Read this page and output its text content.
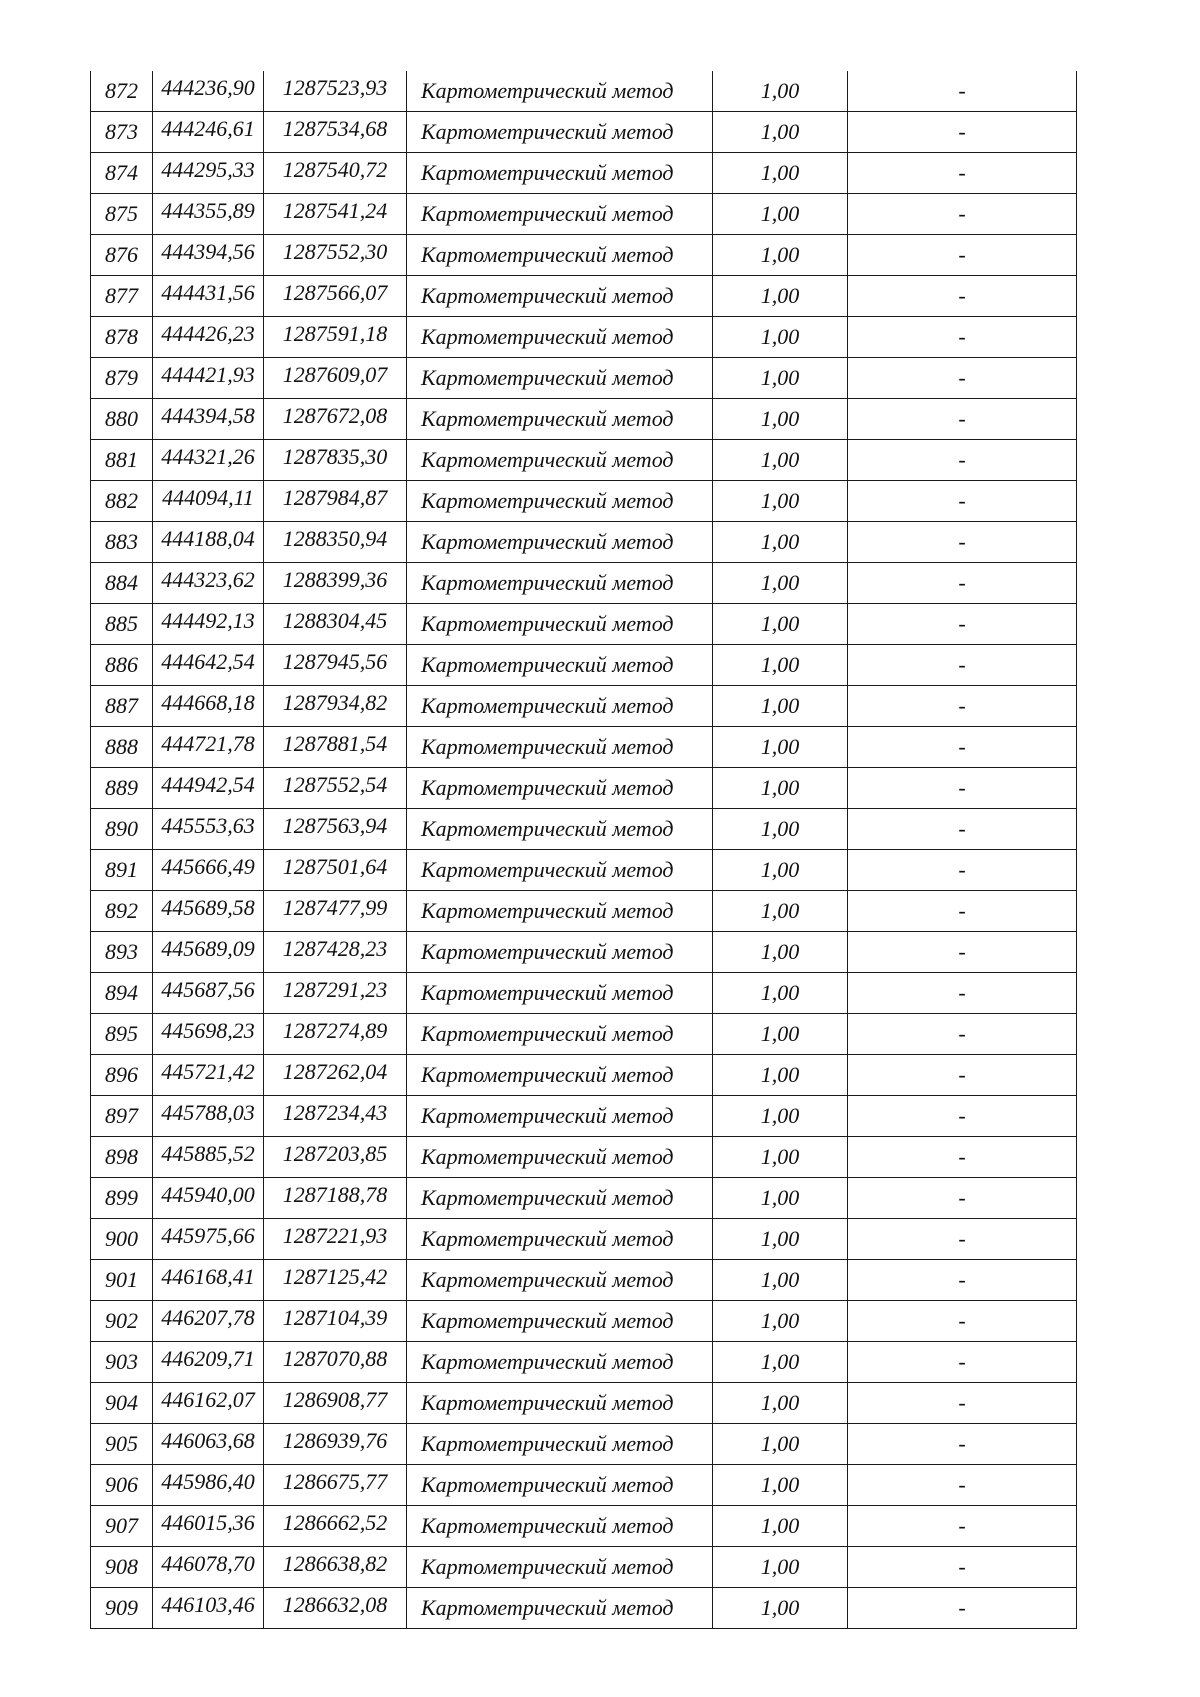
872	444236,90	1287523,93	Картометрический метод	1,00	-
873	444246,61	1287534,68	Картометрический метод	1,00	-
874	444295,33	1287540,72	Картометрический метод	1,00	-
875	444355,89	1287541,24	Картометрический метод	1,00	-
876	444394,56	1287552,30	Картометрический метод	1,00	-
877	444431,56	1287566,07	Картометрический метод	1,00	-
878	444426,23	1287591,18	Картометрический метод	1,00	-
879	444421,93	1287609,07	Картометрический метод	1,00	-
880	444394,58	1287672,08	Картометрический метод	1,00	-
881	444321,26	1287835,30	Картометрический метод	1,00	-
882	444094,11	1287984,87	Картометрический метод	1,00	-
883	444188,04	1288350,94	Картометрический метод	1,00	-
884	444323,62	1288399,36	Картометрический метод	1,00	-
885	444492,13	1288304,45	Картометрический метод	1,00	-
886	444642,54	1287945,56	Картометрический метод	1,00	-
887	444668,18	1287934,82	Картометрический метод	1,00	-
888	444721,78	1287881,54	Картометрический метод	1,00	-
889	444942,54	1287552,54	Картометрический метод	1,00	-
890	445553,63	1287563,94	Картометрический метод	1,00	-
891	445666,49	1287501,64	Картометрический метод	1,00	-
892	445689,58	1287477,99	Картометрический метод	1,00	-
893	445689,09	1287428,23	Картометрический метод	1,00	-
894	445687,56	1287291,23	Картометрический метод	1,00	-
895	445698,23	1287274,89	Картометрический метод	1,00	-
896	445721,42	1287262,04	Картометрический метод	1,00	-
897	445788,03	1287234,43	Картометрический метод	1,00	-
898	445885,52	1287203,85	Картометрический метод	1,00	-
899	445940,00	1287188,78	Картометрический метод	1,00	-
900	445975,66	1287221,93	Картометрический метод	1,00	-
901	446168,41	1287125,42	Картометрический метод	1,00	-
902	446207,78	1287104,39	Картометрический метод	1,00	-
903	446209,71	1287070,88	Картометрический метод	1,00	-
904	446162,07	1286908,77	Картометрический метод	1,00	-
905	446063,68	1286939,76	Картометрический метод	1,00	-
906	445986,40	1286675,77	Картометрический метод	1,00	-
907	446015,36	1286662,52	Картометрический метод	1,00	-
908	446078,70	1286638,82	Картометрический метод	1,00	-
909	446103,46	1286632,08	Картометрический метод	1,00	-
